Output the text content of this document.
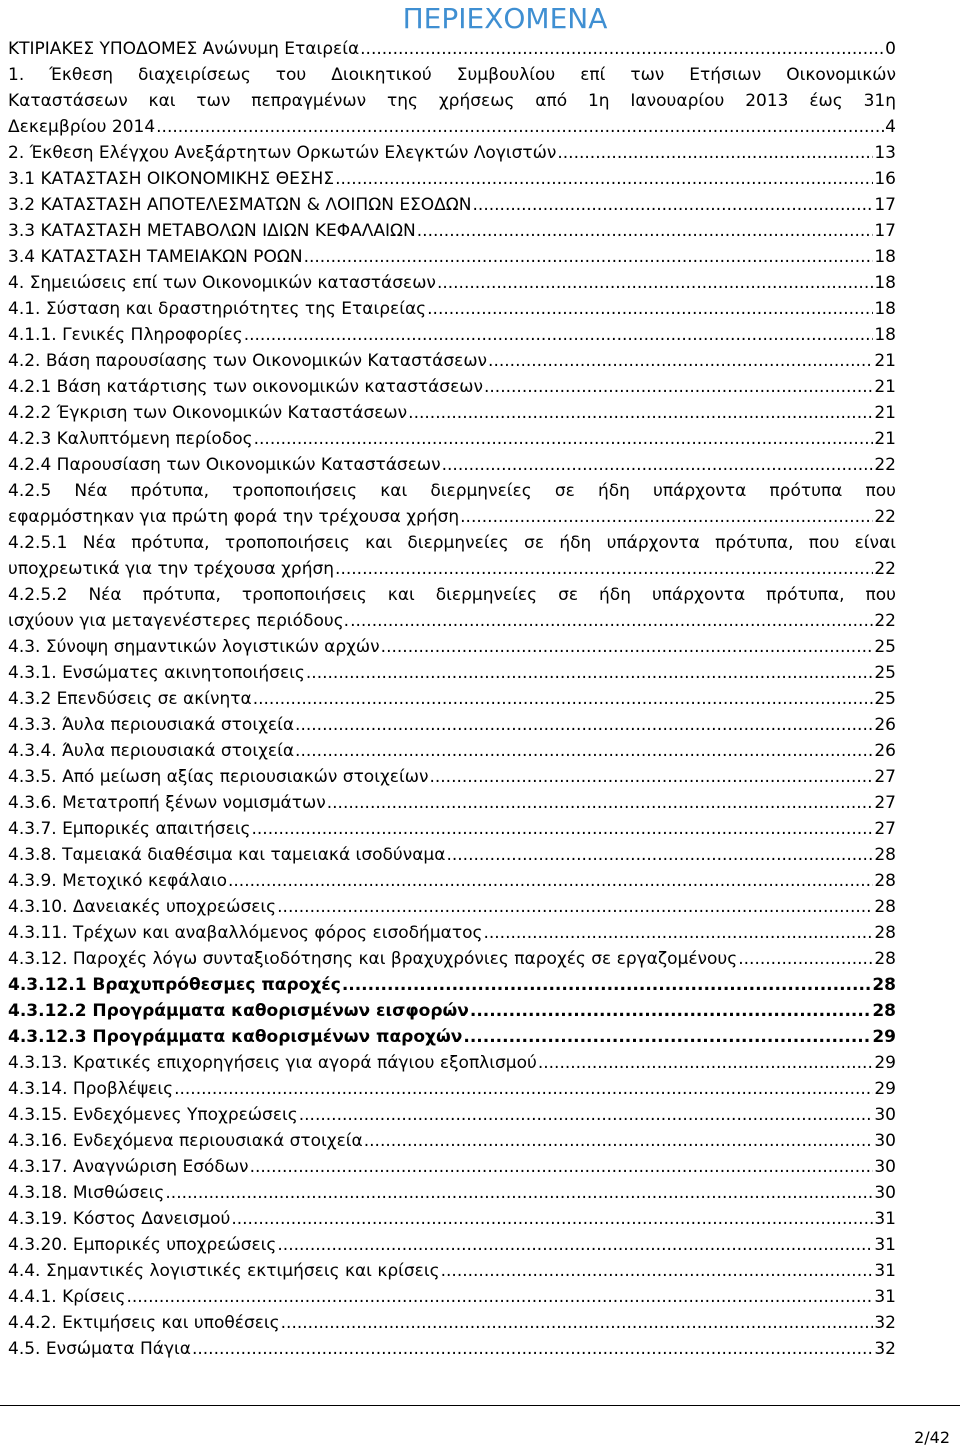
ΠΕΡΙΕΧΟΜΕΝΑ
ΚΤΙΡΙΑΚΕΣ ΥΠΟΔΟΜΕΣ Ανώνυμη Εταιρεία .....	0
1. Έκθεση διαχειρίσεως του Διοικητικού Συμβουλίου επί των Ετήσιων Οικονομικών
Καταστάσεων και των πεπραγμένων της χρήσεως από 1η Ιανουαρίου 2013 έως 31η
Δεκεμβρίου 2014 .....	4
2. Έκθεση Ελέγχου Ανεξάρτητων Ορκωτών Ελεγκτών Λογιστών .....	13
3.1 ΚΑΤΑΣΤΑΣΗ ΟΙΚΟΝΟΜΙΚΗΣ ΘΕΣΗΣ .....	16
3.2 ΚΑΤΑΣΤΑΣΗ ΑΠΟΤΕΛΕΣΜΑΤΩΝ & ΛΟΙΠΩΝ ΕΣΟΔΩΝ .....	17
3.3 ΚΑΤΑΣΤΑΣΗ ΜΕΤΑΒΟΛΩΝ ΙΔΙΩΝ ΚΕΦΑΛΑΙΩΝ .....	17
3.4 ΚΑΤΑΣΤΑΣΗ ΤΑΜΕΙΑΚΩΝ ΡΟΩΝ .....	18
4. Σημειώσεις επί των Οικονομικών καταστάσεων .....	18
4.1. Σύσταση και δραστηριότητες της Εταιρείας .....	18
4.1.1. Γενικές Πληροφορίες .....	18
4.2. Βάση παρουσίασης των Οικονομικών Καταστάσεων .....	21
4.2.1 Βάση κατάρτισης των οικονομικών καταστάσεων .....	21
4.2.2 Έγκριση των Οικονομικών Καταστάσεων .....	21
4.2.3 Καλυπτόμενη περίοδος .....	21
4.2.4 Παρουσίαση των Οικονομικών Καταστάσεων .....	22
4.2.5 Νέα πρότυπα, τροποποιήσεις και διερμηνείες σε ήδη υπάρχοντα πρότυπα που
εφαρμόστηκαν για πρώτη φορά την τρέχουσα χρήση .....	22
4.2.5.1 Νέα πρότυπα, τροποποιήσεις και διερμηνείες σε ήδη υπάρχοντα πρότυπα, που είναι
υποχρεωτικά για την τρέχουσα χρήση .....	22
4.2.5.2 Νέα πρότυπα, τροποποιήσεις και διερμηνείες σε ήδη υπάρχοντα πρότυπα, που
ισχύουν για μεταγενέστερες περιόδους. .....	22
4.3. Σύνοψη σημαντικών λογιστικών αρχών .....	25
4.3.1. Ενσώματες ακινητοποιήσεις .....	25
4.3.2 Επενδύσεις σε ακίνητα .....	25
4.3.3. Άυλα περιουσιακά στοιχεία .....	26
4.3.4. Άυλα περιουσιακά στοιχεία .....	26
4.3.5. Από μείωση αξίας περιουσιακών στοιχείων .....	27
4.3.6. Μετατροπή ξένων νομισμάτων .....	27
4.3.7. Εμπορικές απαιτήσεις .....	27
4.3.8. Ταμειακά διαθέσιμα και ταμειακά ισοδύναμα .....	28
4.3.9. Μετοχικό κεφάλαιο .....	28
4.3.10. Δανειακές υποχρεώσεις .....	28
4.3.11. Τρέχων και αναβαλλόμενος φόρος εισοδήματος .....	28
4.3.12. Παροχές λόγω συνταξιοδότησης και βραχυχρόνιες παροχές σε εργαζομένους .....	28
4.3.12.1 Βραχυπρόθεσμες παροχές .....	28
4.3.12.2 Προγράμματα καθορισμένων εισφορών .....	28
4.3.12.3 Προγράμματα καθορισμένων παροχών .....	29
4.3.13. Κρατικές επιχορηγήσεις για αγορά πάγιου εξοπλισμού .....	29
4.3.14. Προβλέψεις .....	29
4.3.15. Ενδεχόμενες Υποχρεώσεις .....	30
4.3.16. Ενδεχόμενα περιουσιακά στοιχεία .....	30
4.3.17. Αναγνώριση Εσόδων .....	30
4.3.18. Μισθώσεις .....	30
4.3.19. Κόστος Δανεισμού .....	31
4.3.20. Εμπορικές υποχρεώσεις .....	31
4.4. Σημαντικές λογιστικές εκτιμήσεις και κρίσεις .....	31
4.4.1. Κρίσεις .....	31
4.4.2. Εκτιμήσεις και υποθέσεις .....	32
4.5. Ενσώματα Πάγια .....	32
2/42
